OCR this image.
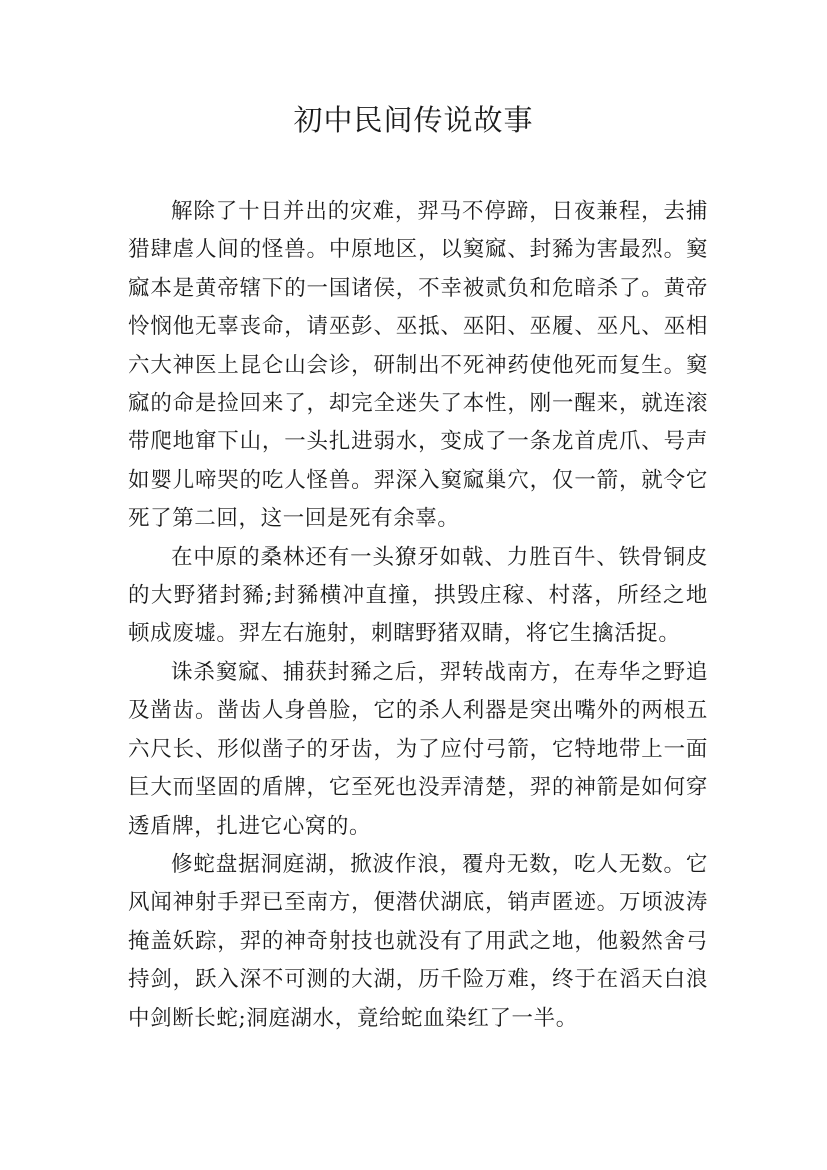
初中民间传说故事

解除了十日并出的灾难，羿马不停蹄，日夜兼程，去捕猎肆虐人间的怪兽。中原地区，以窫窳、封豨为害最烈。窫窳本是黄帝辖下的一国诸侯，不幸被贰负和危暗杀了。黄帝怜悯他无辜丧命，请巫彭、巫抵、巫阳、巫履、巫凡、巫相六大神医上昆仑山会诊，研制出不死神药使他死而复生。窫窳的命是捡回来了，却完全迷失了本性，刚一醒来，就连滚带爬地窜下山，一头扎进弱水，变成了一条龙首虎爪、号声如婴儿啼哭的吃人怪兽。羿深入窫窳巢穴，仅一箭，就令它死了第二回，这一回是死有余辜。

在中原的桑林还有一头獠牙如戟、力胜百牛、铁骨铜皮的大野猪封豨;封豨横冲直撞，拱毁庄稼、村落，所经之地顿成废墟。羿左右施射，刺瞎野猪双睛，将它生擒活捉。

诛杀窫窳、捕获封豨之后，羿转战南方，在寿华之野追及凿齿。凿齿人身兽脸，它的杀人利器是突出嘴外的两根五六尺长、形似凿子的牙齿，为了应付弓箭，它特地带上一面巨大而坚固的盾牌，它至死也没弄清楚，羿的神箭是如何穿透盾牌，扎进它心窝的。

修蛇盘据洞庭湖，掀波作浪，覆舟无数，吃人无数。它风闻神射手羿已至南方，便潜伏湖底，销声匿迹。万顷波涛掩盖妖踪，羿的神奇射技也就没有了用武之地，他毅然舍弓持剑，跃入深不可测的大湖，历千险万难，终于在滔天白浪中剑断长蛇;洞庭湖水，竟给蛇血染红了一半。
